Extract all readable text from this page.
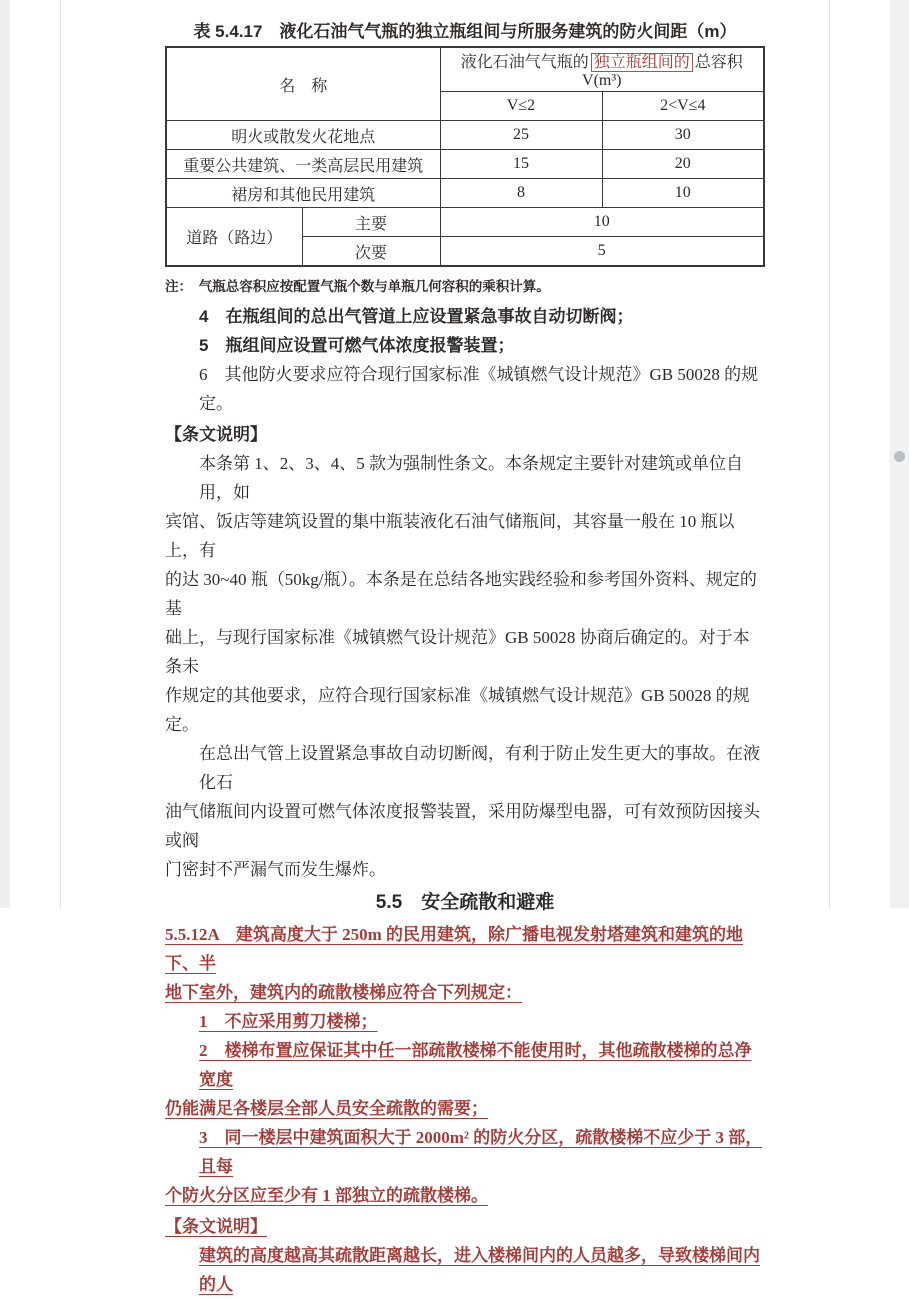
表 5.4.17　液化石油气气瓶的独立瓶组间与所服务建筑的防火间距（m）
名　称		液化石油气气瓶的 独立瓶组间的 总容积 V(m³)	
		V≤2	2<V≤4
明火或散发火花地点		25	30
重要公共建筑、一类高层民用建筑		15	20
裙房和其他民用建筑		8	10
道路（路边）	主要	10	
	次要	5	
注：　气瓶总容积应按配置气瓶个数与单瓶几何容积的乘积计算。
4　在瓶组间的总出气管道上应设置紧急事故自动切断阀；
5　瓶组间应设置可燃气体浓度报警装置；
6　其他防火要求应符合现行国家标准《城镇燃气设计规范》GB 50028 的规定。
【条文说明】
本条第 1、2、3、4、5 款为强制性条文。本条规定主要针对建筑或单位自用，如
宾馆、饭店等建筑设置的集中瓶装液化石油气储瓶间，其容量一般在 10 瓶以上，有
的达 30~40 瓶（50kg/瓶）。本条是在总结各地实践经验和参考国外资料、规定的基
础上，与现行国家标准《城镇燃气设计规范》GB 50028 协商后确定的。对于本条未
作规定的其他要求，应符合现行国家标准《城镇燃气设计规范》GB 50028 的规定。
在总出气管上设置紧急事故自动切断阀，有利于防止发生更大的事故。在液化石
油气储瓶间内设置可燃气体浓度报警装置，采用防爆型电器，可有效预防因接头或阀
门密封不严漏气而发生爆炸。
5.5　安全疏散和避难
5.5.12A　建筑高度大于 250m 的民用建筑，除广播电视发射塔建筑和建筑的地下、半
地下室外，建筑内的疏散楼梯应符合下列规定：
1　不应采用剪刀楼梯；
2　楼梯布置应保证其中任一部疏散楼梯不能使用时，其他疏散楼梯的总净宽度
仍能满足各楼层全部人员安全疏散的需要；
3　同一楼层中建筑面积大于 2000m² 的防火分区，疏散楼梯不应少于 3 部，且每
个防火分区应至少有 1 部独立的疏散楼梯。
【条文说明】
建筑的高度越高其疏散距离越长，进入楼梯间内的人员越多，导致楼梯间内的人
